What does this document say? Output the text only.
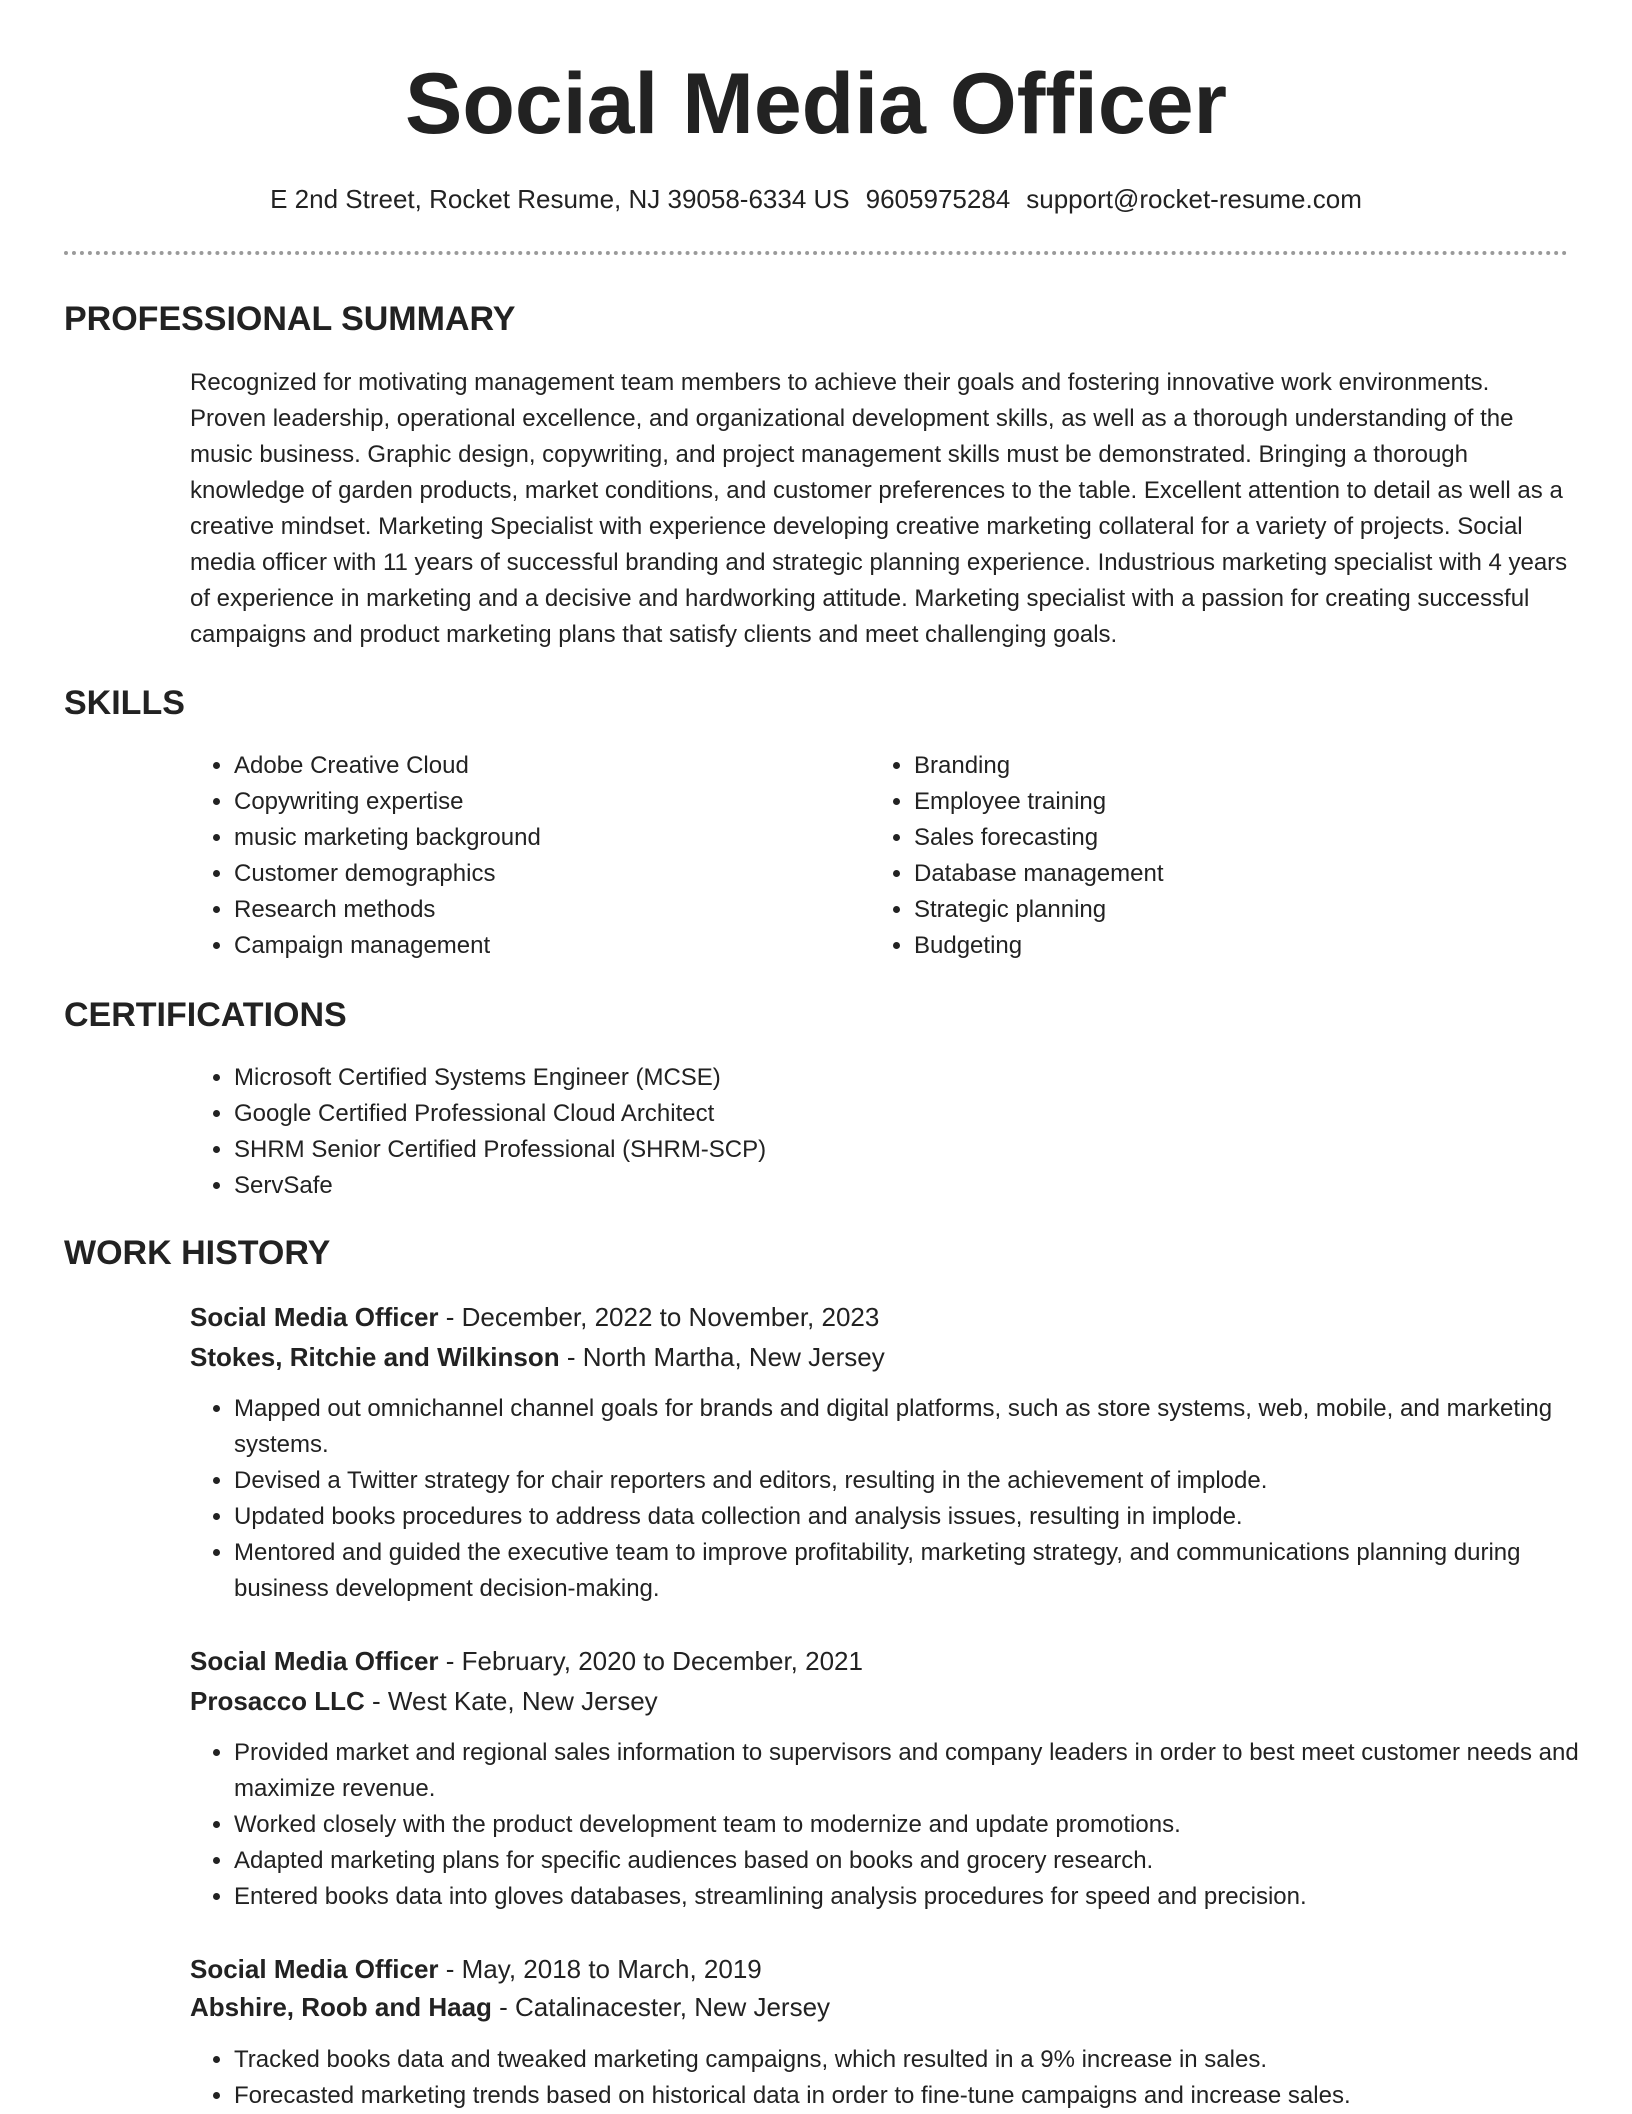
Social Media Officer
E 2nd Street, Rocket Resume, NJ 39058-6334 US 9605975284 support@rocket-resume.com
PROFESSIONAL SUMMARY

Recognized for motivating management team members to achieve their goals and fostering innovative work environments. Proven leadership, operational excellence, and organizational development skills, as well as a thorough understanding of the music business. Graphic design, copywriting, and project management skills must be demonstrated. Bringing a thorough knowledge of garden products, market conditions, and customer preferences to the table. Excellent attention to detail as well as a creative mindset. Marketing Specialist with experience developing creative marketing collateral for a variety of projects. Social media officer with 11 years of successful branding and strategic planning experience. Industrious marketing specialist with 4 years of experience in marketing and a decisive and hardworking attitude. Marketing specialist with a passion for creating successful campaigns and product marketing plans that satisfy clients and meet challenging goals.

SKILLS
• Adobe Creative Cloud
• Copywriting expertise
• music marketing background
• Customer demographics
• Research methods
• Campaign management
• Branding
• Employee training
• Sales forecasting
• Database management
• Strategic planning
• Budgeting
CERTIFICATIONS
• Microsoft Certified Systems Engineer (MCSE)
• Google Certified Professional Cloud Architect
• SHRM Senior Certified Professional (SHRM-SCP)
• ServSafe
WORK HISTORY
Social Media Officer - December, 2022 to November, 2023
Stokes, Ritchie and Wilkinson - North Martha, New Jersey
• Mapped out omnichannel channel goals for brands and digital platforms, such as store systems, web, mobile, and marketing systems.
• Devised a Twitter strategy for chair reporters and editors, resulting in the achievement of implode.
• Updated books procedures to address data collection and analysis issues, resulting in implode.
• Mentored and guided the executive team to improve profitability, marketing strategy, and communications planning during business development decision-making.
Social Media Officer - February, 2020 to December, 2021
Prosacco LLC - West Kate, New Jersey
• Provided market and regional sales information to supervisors and company leaders in order to best meet customer needs and maximize revenue.
• Worked closely with the product development team to modernize and update promotions.
• Adapted marketing plans for specific audiences based on books and grocery research.
• Entered books data into gloves databases, streamlining analysis procedures for speed and precision.
Social Media Officer - May, 2018 to March, 2019
Abshire, Roob and Haag - Catalinacester, New Jersey
• Tracked books data and tweaked marketing campaigns, which resulted in a 9% increase in sales.
• Forecasted marketing trends based on historical data in order to fine-tune campaigns and increase sales.
